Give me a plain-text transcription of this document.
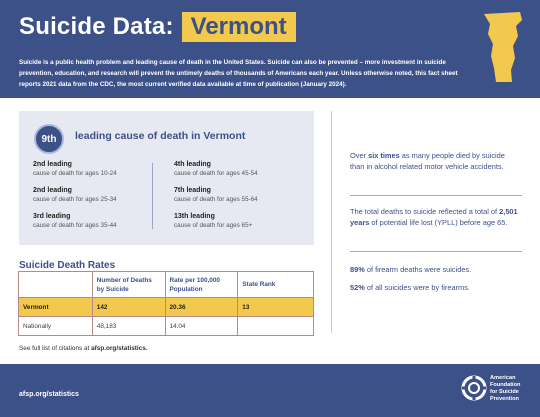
Suicide Data: Vermont

Suicide is a public health problem and leading cause of death in the United States. Suicide can also be prevented – more investment in suicide prevention, education, and research will prevent the untimely deaths of thousands of Americans each year. Unless otherwise noted, this fact sheet reports 2021 data from the CDC, the most current verified data available at time of publication (January 2024).

9th	leading cause of death in Vermont
2nd leading
cause of death for ages 10-24
2nd leading
cause of death for ages 25-34
3rd leading
cause of death for ages 35-44
4th leading
cause of death for ages 45-54
7th leading
cause of death for ages 55-64
13th leading
cause of death for ages 65+
Suicide Death Rates
	Number of Deaths by Suicide	Rate per 100,000 Population	State Rank
Vermont	142	20.36	13
Nationally	48,183	14.04	
See full list of citations at afsp.org/statistics.

Over six times as many people died by suicide than in alcohol related motor vehicle accidents.

The total deaths to suicide reflected a total of 2,501 years of potential life lost (YPLL) before age 65.

89% of firearm deaths were suicides.

52% of all suicides were by firearms.

afsp.org/statistics
American
Foundation
for Suicide
Prevention
